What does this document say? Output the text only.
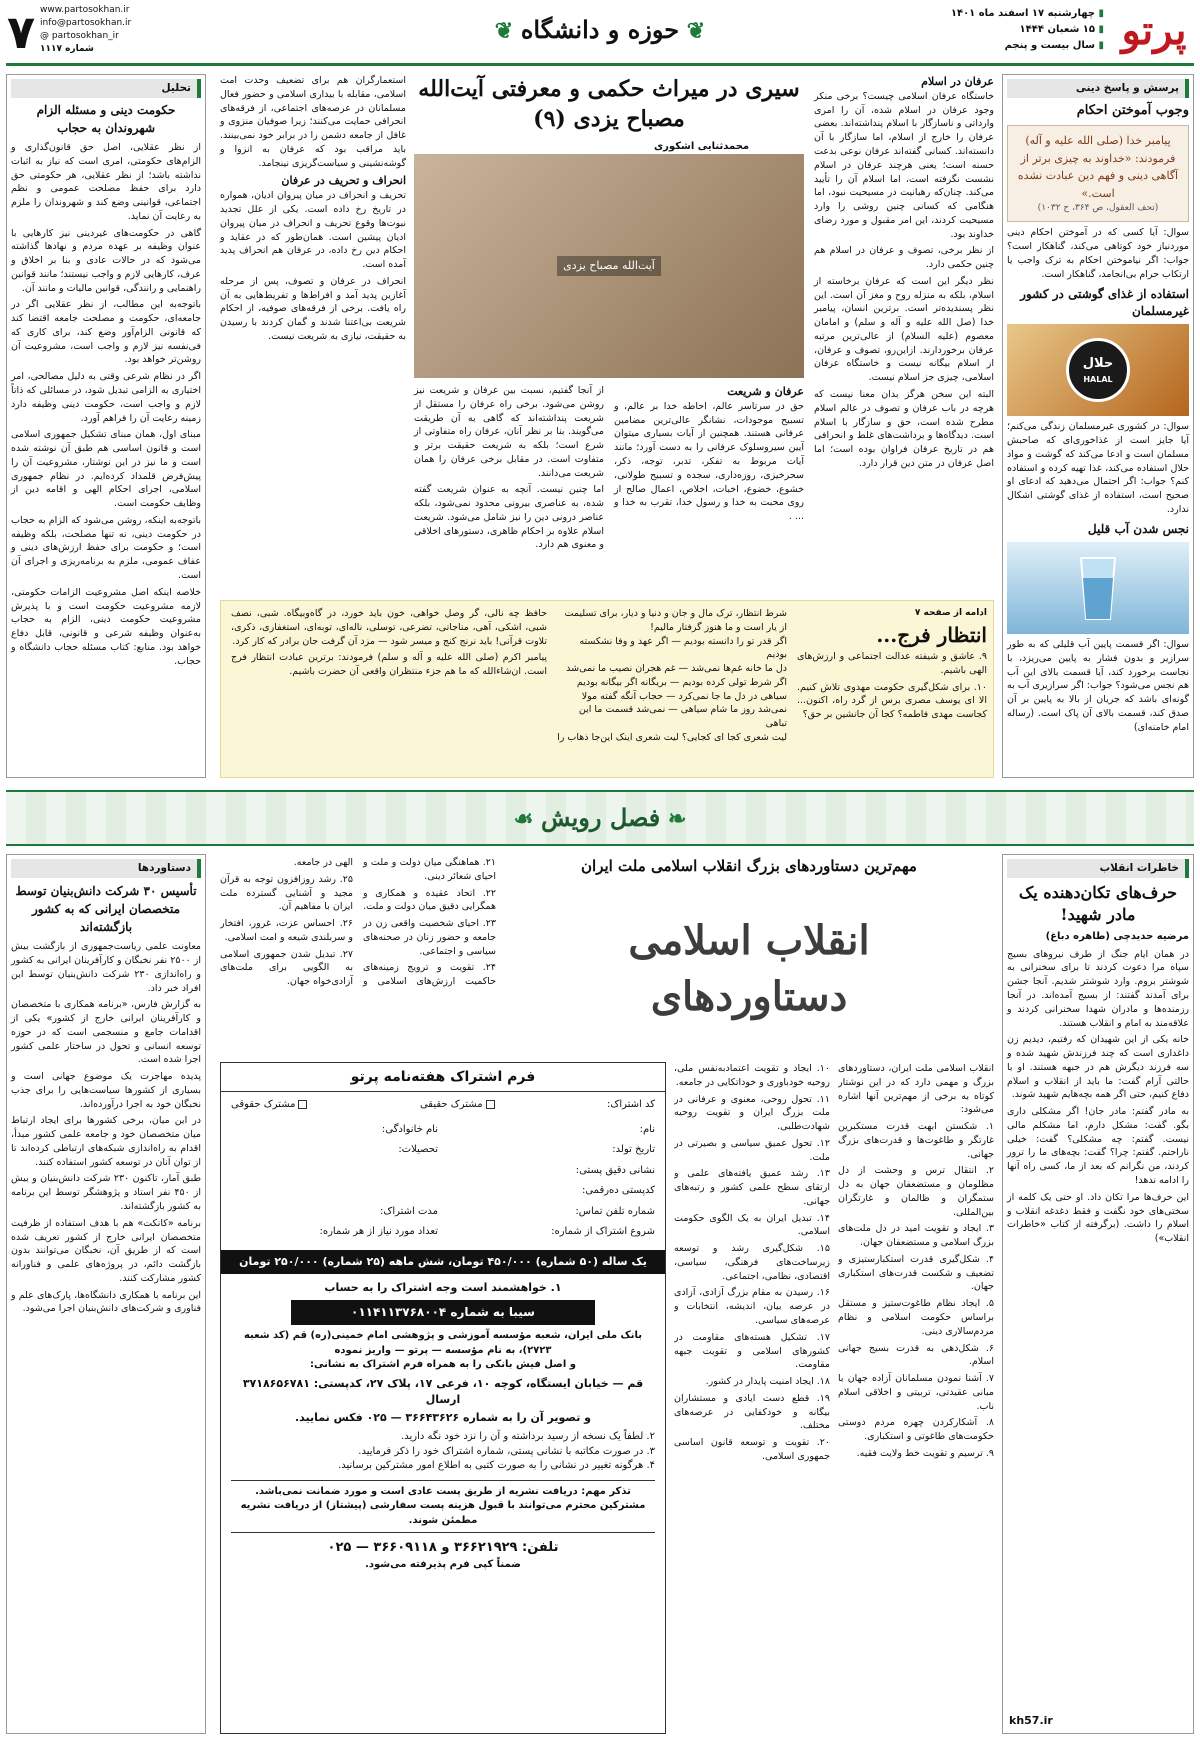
پرتو
▮ چهارشنبه ۱۷ اسفند ماه ۱۴۰۱
▮ ۱۵ شعبان ۱۴۴۴
▮ سال بیست و پنجم
❦ حوزه و دانشگاه ❦
www.partosokhan.ir
info@partosokhan.ir
@ partosokhan_ir
شماره ۱۱۱۷
۷
پرسش و پاسخ دینی
وجوب آموختن احکام
پیامبر خدا (صلی الله علیه و آله) فرمودند: «خداوند به چیزی برتر از آگاهی دینی و فهم دین عبادت نشده است.»
(تحف العقول، ص ۳۶۴، ح ۱۰۳۲)

سوال: آیا کسی که در آموختن احکام دینی موردنیاز خود کوتاهی می‌کند، گناهکار است؟ جواب: اگر نیاموختن احکام به ترک واجب یا ارتکاب حرام بی‌انجامد، گناهکار است.

استفاده از غذای گوشتی در کشور غیرمسلمان
حلال
HALAL

سوال: در کشوری غیرمسلمان زندگی می‌کنم؛ آیا جایز است از غذاخوری‌ای که صاحبش مسلمان است و ادعا می‌کند که گوشت و مواد حلال استفاده می‌کند، غذا تهیه کرده و استفاده کنم؟ جواب: اگر احتمال می‌دهید که ادعای او صحیح است، استفاده از غذای گوشتی اشکال ندارد.

نجس شدن آب قلیل

سوال: اگر قسمت پایین آب قلیلی که به طور سرازیر و بدون فشار به پایین می‌ریزد، با نجاست برخورد کند، آیا قسمت بالای این آب هم نجس می‌شود؟ جواب: اگر سرازیری آب به گونه‌ای باشد که جریان از بالا به پایین بر آن صدق کند، قسمت بالای آن پاک است. (رساله امام خامنه‌ای)

عرفان در اسلام

خاستگاه عرفان اسلامی چیست؟ برخی منکر وجود عرفان در اسلام شده، آن را امری وارداتی و ناسازگار با اسلام پنداشته‌اند. بعضی عرفان را خارج از اسلام، اما سازگار با آن دانسته‌اند. کسانی گفته‌اند عرفان نوعی بدعت حسنه است؛ یعنی هرچند عرفان در اسلام نشست نگرفته است، اما اسلام آن را تأیید می‌کند. چنان‌که رهبانیت در مسیحیت نبود، اما هنگامی که کسانی چنین روشی را وارد مسیحیت کردند، این امر مقبول و مورد رضای خداوند بود.

از نظر برخی، تصوف و عرفان در اسلام هم چنین حکمی دارد.

نظر دیگر این است که عرفان برخاسته از اسلام، بلکه به منزله روح و مغز آن است. این نظر پسندیده‌تر است. برترین انسان، پیامبر خدا (صل الله علیه و آله و سلم) و امامان معصوم (علیه السلام) از عالی‌ترین مرتبه عرفان برخوردارند. ازاین‌رو، تصوف و عرفان، از اسلام بیگانه نیست و خاستگاه عرفان اسلامی، چیزی جز اسلام نیست.

البته این سخن هرگز بدان معنا نیست که هرچه در باب عرفان و تصوف در عالم اسلام مطرح شده است، حق و سازگار با اسلام است. دیدگاه‌ها و برداشت‌های غلط و انحرافی هم در تاریخ عرفان فراوان بوده است؛ اما اصل عرفان در متن دین قرار دارد.

سیری در میراث حکمی و معرفتی آیت‌الله مصباح یزدی (۹)
محمدثنایی اشکوری
آیت‌الله مصباح یزدی
عرفان و شریعت

حق در سرتاسر عالم، احاطه خدا بر عالم، و تسبیح موجودات، نشانگر عالی‌ترین مضامین عرفانی هستند. همچنین از آیات بسیاری میتوان آیین سیروسلوک عرفانی را به دست آورد؛ مانند آیات مربوط به تفکر، تدبر، توجه، ذکر، سحرخیزی، روزه‌داری، سجده و تسبیح طولانی، خشوع، خضوع، اخبات، اخلاص، اعمال صالح از روی محبت به خدا و رسول خدا، تقرب به خدا و ... .

از آنجا گفتیم، نسبت بین عرفان و شریعت نیز روشن می‌شود. برخی راه عرفان را مستقل از شریعت پنداشته‌اند که گاهی به آن طریقت می‌گویند. بنا بر نظر آنان، عرفان راه متفاوتی از شرع است؛ بلکه به شریعت حقیقت برتر و متفاوت است. در مقابل برخی عرفان را همان شریعت می‌دانند.

اما چنین نیست. آنچه به عنوان شریعت گفته شده، به عناصری بیرونی محدود نمی‌شود، بلکه عناصر درونی دین را نیز شامل می‌شود. شریعت اسلام علاوه بر احکام ظاهری، دستورهای اخلاقی و معنوی هم دارد.

استعمارگران هم برای تضعیف وحدت امت اسلامی، مقابله با بیداری اسلامی و حضور فعال مسلمانان در عرصه‌های اجتماعی، از فرقه‌های انحرافی حمایت می‌کنند؛ زیرا صوفیان منزوی و غافل از جامعه دشمن را در برابر خود نمی‌بینند. باید مراقب بود که عرفان به انزوا و گوشه‌نشینی و سیاست‌گریزی نینجامد.

انحراف و تحریف در عرفان

تحریف و انحراف در میان پیروان ادیان، همواره در تاریخ رخ داده است. یکی از علل تجدید نبوت‌ها وقوع تحریف و انحراف در میان پیروان ادیان پیشین است. همان‌طور که در عقاید و احکام دین رخ داده، در عرفان هم انحراف پدید آمده است.

انحراف در عرفان و تصوف، پس از مرحله آغازین پدید آمد و افراط‌ها و تفریط‌هایی به آن راه یافت. برخی از فرقه‌های صوفیه، از احکام شریعت بی‌اعتنا شدند و گمان کردند با رسیدن به حقیقت، نیازی به شریعت نیست.

تحلیل
حکومت دینی و مسئله الزام شهروندان به حجاب

از نظر عقلایی، اصل حق قانون‌گذاری و الزام‌های حکومتی، امری است که نیاز به اثبات نداشته باشد؛ از نظر عقلایی، هر حکومتی حق دارد برای حفظ مصلحت عمومی و نظم اجتماعی، قوانینی وضع کند و شهروندان را ملزم به رعایت آن نماید.

گاهی در حکومت‌های غیردینی نیز کارهایی با عنوان وظیفه بر عهده مردم و نهادها گذاشته می‌شود که در حالات عادی و بنا بر اخلاق و عرف، کارهایی لازم و واجب نیستند؛ مانند قوانین راهنمایی و رانندگی، قوانین مالیات و مانند آن.

باتوجه‌به این مطالب، از نظر عقلایی اگر در جامعه‌ای، حکومت و مصلحت جامعه اقتضا کند که قانونی الزام‌آور وضع کند، برای کاری که فی‌نفسه نیز لازم و واجب است، مشروعیت آن روشن‌تر خواهد بود.

اگر در نظام شرعی وقتی به دلیل مصالحی، امر اختیاری به الزامی تبدیل شود، در مسائلی که ذاتاً لازم و واجب است، حکومت دینی وظیفه دارد زمینه رعایت آن را فراهم آورد.

مبنای اول، همان مبنای تشکیل جمهوری اسلامی است و قانون اساسی هم طبق آن نوشته شده است و ما نیز در این نوشتار، مشروعیت آن را پیش‌فرض قلمداد کرده‌ایم. در نظام جمهوری اسلامی، اجرای احکام الهی و اقامه دین از وظایف حکومت است.

باتوجه‌به اینکه، روشن می‌شود که الزام به حجاب در حکومت دینی، نه تنها مصلحت، بلکه وظیفه است؛ و حکومت برای حفظ ارزش‌های دینی و عفاف عمومی، ملزم به برنامه‌ریزی و اجرای آن است.

خلاصه اینکه اصل مشروعیت الزامات حکومتی، لازمه مشروعیت حکومت است و با پذیرش مشروعیت حکومت دینی، الزام به حجاب به‌عنوان وظیفه شرعی و قانونی، قابل دفاع خواهد بود. منابع: کتاب مسئله حجاب دانشگاه و حجاب.

ادامه از صفحه ۷
انتظار فرج...

۹. عاشق و شیفته عدالت اجتماعی و ارزش‌های الهی باشیم.

۱۰. برای شکل‌گیری حکومت مهدوی تلاش کنیم. الا ای یوسف مصری برس از گرد راه، اکنون... کجاست مهدی فاطمه؟ کجا آن جانشین بر حق؟

شرط انتظار، ترک مال و جان و دنیا و دیار، برای تسلیمت از یار است و ما هنوز گرفتار مالیم!
اگر قدر تو را دانسته بودیم — اگر عهد و وفا نشکسته بودیم
دل ما خانه غم‌ها نمی‌شد — غم هجران نصیب ما نمی‌شد
اگر شرط تولی کرده بودیم — بریگانه اگر بیگانه بودیم
سیاهی در دل ما جا نمی‌کرد — حجاب آنگه گفته مولا
نمی‌شد روز ما شام سیاهی — نمی‌شد قسمت ما این تباهی
لیت شعری کجا ای کجایی؟ لیت شعری اینک این‌جا ذهاب را

حافظ چه نالی، گر وصل خواهی، خون باید خورد، در گاه‌وبیگاه. شبی، نصف شبی، اشکی، آهی، مناجاتی، تضرعی، توسلی، ناله‌ای، توبه‌ای، استغفاری، ذکری، تلاوت قرآنی! باید نرنج کنج و میسر شود — مزد آن گرفت جان برادر که کار کرد.

پیامبر اکرم (صلی الله علیه و آله و سلم) فرمودند: برترین عبادت انتظار فرج است. ان‌شاءالله که ما هم جزء منتظران واقعی آن حضرت باشیم.

❧ فصل رویش ☙
خاطرات انقلاب
حرف‌های تکان‌دهنده یک مادر شهید!
مرضیه حدیدچی (طاهره دباغ)

در همان ایام جنگ از طرف نیروهای بسیج سپاه مرا دعوت کردند تا برای سخنرانی به شوشتر بروم. وارد شوشتر شدیم. آنجا جشن برای آمدند گفتند: از بسیج آمده‌اند. در آنجا رزمنده‌ها و مادران شهدا سخنرانی کردند و علاقه‌مند به امام و انقلاب هستند.

خانه یکی از این شهیدان که رفتیم، دیدیم زن داغداری است که چند فرزندش شهید شده و سه فرزند دیگرش هم در جبهه هستند. او با حالتی آرام گفت: ما باید از انقلاب و اسلام دفاع کنیم، حتی اگر همه بچه‌هایم شهید شوند.

به مادر گفتم: مادر جان! اگر مشکلی داری بگو. گفت: مشکل دارم، اما مشکلم مالی نیست. گفتم: چه مشکلی؟ گفت: خیلی ناراحتم. گفتم: چرا؟ گفت: بچه‌های ما را ترور کردند، من نگرانم که بعد از ما، کسی راه آنها را ادامه ندهد!

این حرف‌ها مرا تکان داد. او حتی یک کلمه از سختی‌های خود نگفت و فقط دغدغه انقلاب و اسلام را داشت. (برگرفته از کتاب «خاطرات انقلاب»)

kh57.ir
مهم‌ترین دستاوردهای بزرگ انقلاب اسلامی ملت ایران
انقلاب اسلامی
دستاوردهای

انقلاب اسلامی ملت ایران، دستاوردهای بزرگ و مهمی دارد که در این نوشتار کوتاه به برخی از مهم‌ترین آنها اشاره می‌شود:

۱. شکستن ابهت قدرت مستکبرین غارتگر و طاغوت‌ها و قدرت‌های بزرگ جهانی.

۲. انتقال ترس و وحشت از دل مظلومان و مستضعفان جهان به دل ستمگران و ظالمان و غارتگران بین‌المللی.

۳. ایجاد و تقویت امید در دل ملت‌های بزرگ اسلامی و مستضعفان جهان.

۴. شکل‌گیری قدرت استکبارستیزی و تضعیف و شکست قدرت‌های استکباری جهان.

۵. ایجاد نظام طاغوت‌ستیز و مستقل براساس حکومت اسلامی و نظام مردم‌سالاری دینی.

۶. شکل‌دهی به قدرت بسیج جهانی اسلام.

۷. آشنا نمودن مسلمانان آزاده جهان با مبانی عقیدتی، تربیتی و اخلاقی اسلام ناب.

۸. آشکارکردن چهره مردم دوستی حکومت‌های طاغوتی و استکباری.

۹. ترسیم و تقویت خط ولایت فقیه.

۱۰. ایجاد و تقویت اعتمادبه‌نفس ملی، روحیه خودباوری و خوداتکایی در جامعه.

۱۱. تحول روحی، معنوی و عرفانی در ملت بزرگ ایران و تقویت روحیه شهادت‌طلبی.

۱۲. تحول عمیق سیاسی و بصیرتی در ملت.

۱۳. رشد عمیق یافته‌های علمی و ارتقای سطح علمی کشور و رتبه‌های جهانی.

۱۴. تبدیل ایران به یک الگوی حکومت اسلامی.

۱۵. شکل‌گیری رشد و توسعه زیرساخت‌های فرهنگی، سیاسی، اقتصادی، نظامی، اجتماعی.

۱۶. رسیدن به مقام بزرگ آزادی، آزادی در عرصه بیان، اندیشه، انتخابات و عرصه‌های سیاسی.

۱۷. تشکیل هسته‌های مقاومت در کشورهای اسلامی و تقویت جبهه مقاومت.

۱۸. ایجاد امنیت پایدار در کشور.

۱۹. قطع دست ایادی و مستشاران بیگانه و خودکفایی در عرصه‌های مختلف.

۲۰. تقویت و توسعه قانون اساسی جمهوری اسلامی.

۲۱. هماهنگی میان دولت و ملت و احیای شعائر دینی.

۲۲. اتحاد عقیده و همکاری و همگرایی دقیق میان دولت و ملت.

۲۳. احیای شخصیت واقعی زن در جامعه و حضور زنان در صحنه‌های سیاسی و اجتماعی.

۲۴. تقویت و ترویج زمینه‌های حاکمیت ارزش‌های اسلامی و الهی در جامعه.

۲۵. رشد روزافزون توجه به قرآن مجید و آشنایی گسترده ملت ایران با مفاهیم آن.

۲۶. احساس عزت، غرور، افتخار و سربلندی شیعه و امت اسلامی.

۲۷. تبدیل شدن جمهوری اسلامی به الگویی برای ملت‌های آزادی‌خواه جهان.

فرم اشتراک هفته‌نامه پرتو
کد اشتراک:
مشترک حقیقی
مشترک حقوقی
نام:
نام خانوادگی:
تاریخ تولد:
تحصیلات:
نشانی دقیق پستی:
کدپستی ده‌رقمی:
شماره تلفن تماس:
مدت اشتراک:
شروع اشتراک از شماره:
تعداد مورد نیاز از هر شماره:
یک ساله (۵۰ شماره) ۴۵۰/۰۰۰ تومان، شش ماهه (۲۵ شماره) ۲۵۰/۰۰۰ تومان
۱. خواهشمند است وجه اشتراک را به حساب
سیبا به شماره ۰۱۱۴۱۱۳۷۶۸۰۰۴
بانک ملی ایران، شعبه مؤسسه آموزشی و پژوهشی امام خمینی(ره) قم (کد شعبه ۲۷۲۳)، به نام مؤسسه — پرتو — واریز نموده
و اصل فیش بانکی را به همراه فرم اشتراک به نشانی:
قم — خیابان ایستگاه، کوچه ۱۰، فرعی ۱۷، پلاک ۲۷، کدپستی: ۳۷۱۸۶۵۶۷۸۱ ارسال
و تصویر آن را به شماره ۳۶۶۴۳۶۲۶ — ۰۲۵ فکس نمایید.
۲. لطفاً یک نسخه از رسید برداشته و آن را نزد خود نگه دارید.
۳. در صورت مکاتبه با نشانی پستی، شماره اشتراک خود را ذکر فرمایید.
۴. هرگونه تغییر در نشانی را به صورت کتبی به اطلاع امور مشترکین برسانید.
تذکر مهم: دریافت نشریه از طریق پست عادی است و مورد ضمانت نمی‌باشد. مشترکین محترم می‌توانند با قبول هزینه پست سفارشی (پیشتاز) از دریافت نشریه مطمئن شوند.
تلفن: ۳۶۶۲۱۹۲۹ و ۳۶۶۰۹۱۱۸ — ۰۲۵
ضمناً کپی فرم پذیرفته می‌شود.
دستاوردها
تأسیس ۳۰ شرکت دانش‌بنیان توسط متخصصان ایرانی که به کشور بازگشته‌اند

معاونت علمی ریاست‌جمهوری از بازگشت بیش از ۲۵۰۰ نفر نخبگان و کارآفرینان ایرانی به کشور و راه‌اندازی ۲۳۰ شرکت دانش‌بنیان توسط این افراد خبر داد.

به گزارش فارس، «برنامه همکاری با متخصصان و کارآفرینان ایرانی خارج از کشور» یکی از اقدامات جامع و منسجمی است که در حوزه توسعه انسانی و تحول در ساختار علمی کشور اجرا شده است.

پدیده مهاجرت یک موضوع جهانی است و بسیاری از کشورها سیاست‌هایی را برای جذب نخبگان خود به اجرا درآورده‌اند.

در این میان، برخی کشورها برای ایجاد ارتباط میان متخصصان خود و جامعه علمی کشور مبدأ، اقدام به راه‌اندازی شبکه‌های ارتباطی کرده‌اند تا از توان آنان در توسعه کشور استفاده کنند.

طبق آمار، تاکنون ۲۳۰ شرکت دانش‌بنیان و بیش از ۴۵۰ نفر استاد و پژوهشگر توسط این برنامه به کشور بازگشته‌اند.

برنامه «کانکت» هم با هدف استفاده از ظرفیت متخصصان ایرانی خارج از کشور تعریف شده است که از طریق آن، نخبگان می‌توانند بدون بازگشت دائم، در پروژه‌های علمی و فناورانه کشور مشارکت کنند.

این برنامه با همکاری دانشگاه‌ها، پارک‌های علم و فناوری و شرکت‌های دانش‌بنیان اجرا می‌شود.
